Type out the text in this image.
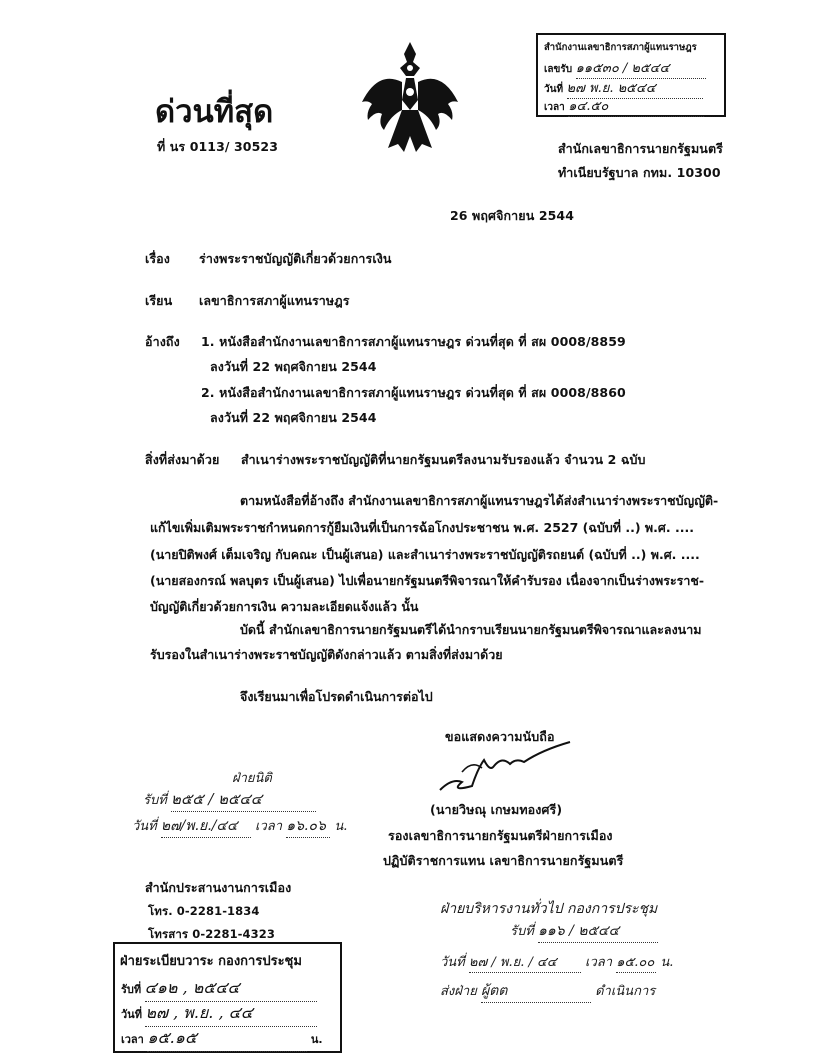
ด่วนที่สุด
ที่ นร 0113/ 30523
สำนักงานเลขาธิการสภาผู้แทนราษฎร
เลขรับ ๑๑๕๓๐ / ๒๕๔๔
วันที่ ๒๗ พ.ย. ๒๕๔๔
เวลา ๑๔.๕๐
สำนักเลขาธิการนายกรัฐมนตรี
ทำเนียบรัฐบาล กทม. 10300
26 พฤศจิกายน 2544
เรื่อง ร่างพระราชบัญญัติเกี่ยวด้วยการเงิน
เรียน เลขาธิการสภาผู้แทนราษฎร
อ้างถึง 1. หนังสือสำนักงานเลขาธิการสภาผู้แทนราษฎร ด่วนที่สุด ที่ สผ 0008/8859
ลงวันที่ 22 พฤศจิกายน 2544
2. หนังสือสำนักงานเลขาธิการสภาผู้แทนราษฎร ด่วนที่สุด ที่ สผ 0008/8860
ลงวันที่ 22 พฤศจิกายน 2544
สิ่งที่ส่งมาด้วย สำเนาร่างพระราชบัญญัติที่นายกรัฐมนตรีลงนามรับรองแล้ว จำนวน 2 ฉบับ
ตามหนังสือที่อ้างถึง สำนักงานเลขาธิการสภาผู้แทนราษฎรได้ส่งสำเนาร่างพระราชบัญญัติ-
แก้ไขเพิ่มเติมพระราชกำหนดการกู้ยืมเงินที่เป็นการฉ้อโกงประชาชน พ.ศ. 2527 (ฉบับที่ ..) พ.ศ. ....
(นายปิติพงศ์ เต็มเจริญ กับคณะ เป็นผู้เสนอ) และสำเนาร่างพระราชบัญญัติรถยนต์ (ฉบับที่ ..) พ.ศ. ....
(นายสองกรณ์ พลบุตร เป็นผู้เสนอ) ไปเพื่อนายกรัฐมนตรีพิจารณาให้คำรับรอง เนื่องจากเป็นร่างพระราช-
บัญญัติเกี่ยวด้วยการเงิน ความละเอียดแจ้งแล้ว นั้น
บัดนี้ สำนักเลขาธิการนายกรัฐมนตรีได้นำกราบเรียนนายกรัฐมนตรีพิจารณาและลงนาม
รับรองในสำเนาร่างพระราชบัญญัติดังกล่าวแล้ว ตามสิ่งที่ส่งมาด้วย
จึงเรียนมาเพื่อโปรดดำเนินการต่อไป
ขอแสดงความนับถือ
(นายวิษณุ เกษมทองศรี)
รองเลขาธิการนายกรัฐมนตรีฝ่ายการเมือง
ปฏิบัติราชการแทน เลขาธิการนายกรัฐมนตรี
ฝ่ายนิติ
รับที่ ๒๕๕ / ๒๕๔๔
วันที่ ๒๗/พ.ย./๔๔ เวลา ๑๖.๐๖ น.
สำนักประสานงานการเมือง
โทร. 0-2281-1834
โทรสาร 0-2281-4323
ฝ่ายระเบียบวาระ กองการประชุม
รับที่ ๔๑๒ , ๒๕๔๔
วันที่ ๒๗ , พ.ย. , ๔๔
เวลา ๑๕.๑๕	น.
ฝ่ายบริหารงานทั่วไป กองการประชุม
รับที่ ๑๑๖ / ๒๕๔๔
วันที่ ๒๗ / พ.ย. / ๔๔ เวลา ๑๕.๐๐ น.
ส่งฝ่าย ผู้ตต	ดำเนินการ
